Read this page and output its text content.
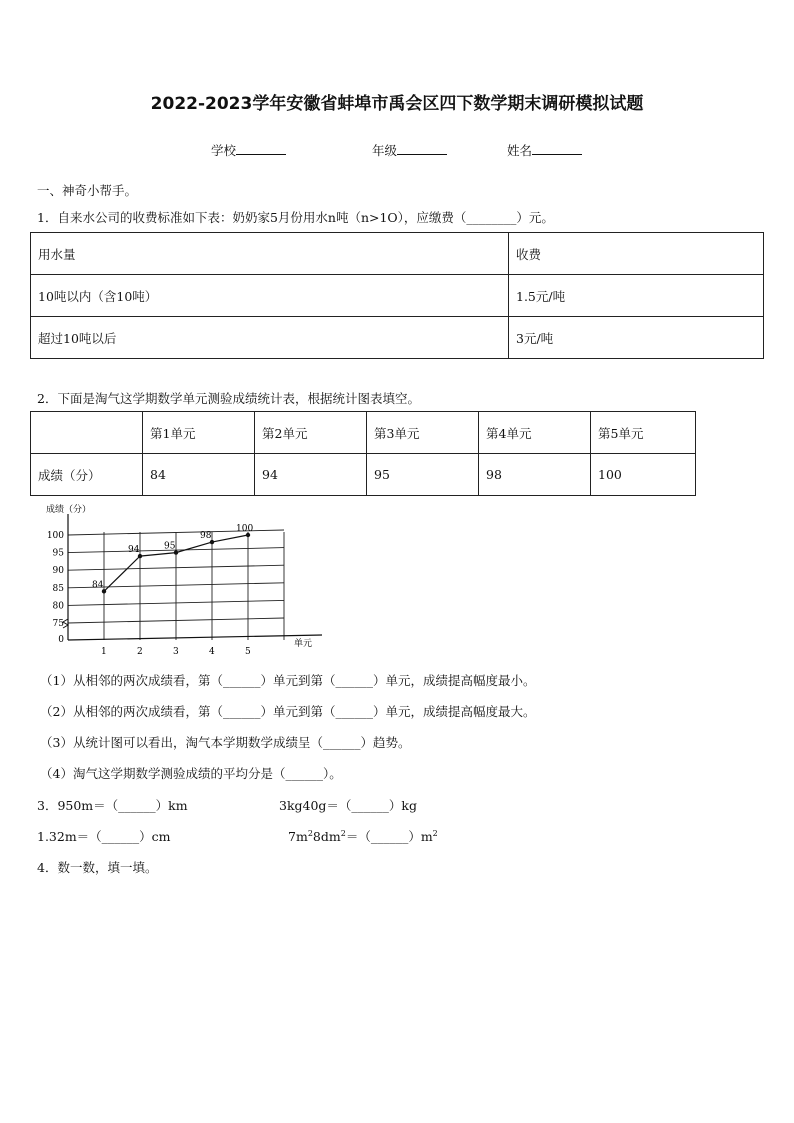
2022-2023学年安徽省蚌埠市禹会区四下数学期末调研模拟试题
学校	年级	姓名
一、神奇小帮手。
1．自来水公司的收费标准如下表：奶奶家5月份用水n吨（n>1O），应缴费（________）元。
用水量	收费
10吨以内（含10吨）	1.5元/吨
超过10吨以后	3元/吨
2．下面是淘气这学期数学单元测验成绩统计表，根据统计图表填空。
	第1单元	第2单元	第3单元	第4单元	第5单元
成绩（分）	84	94	95	98	100
0
75
80
85
90
95
100
成绩（分）
单元
1	2	3	4	5
84
94	95
98
100
（1）从相邻的两次成绩看，第（______）单元到第（______）单元，成绩提高幅度最小。
（2）从相邻的两次成绩看，第（______）单元到第（______）单元，成绩提高幅度最大。
（3）从统计图可以看出，淘气本学期数学成绩呈（______）趋势。
（4）淘气这学期数学测验成绩的平均分是（______）。
3．950m＝（______）km	3kg40g＝（______）kg
1.32m＝（______）cm	$7m^28dm^2=(\_\_\_\_\_\_)m^2$
4．数一数，填一填。
